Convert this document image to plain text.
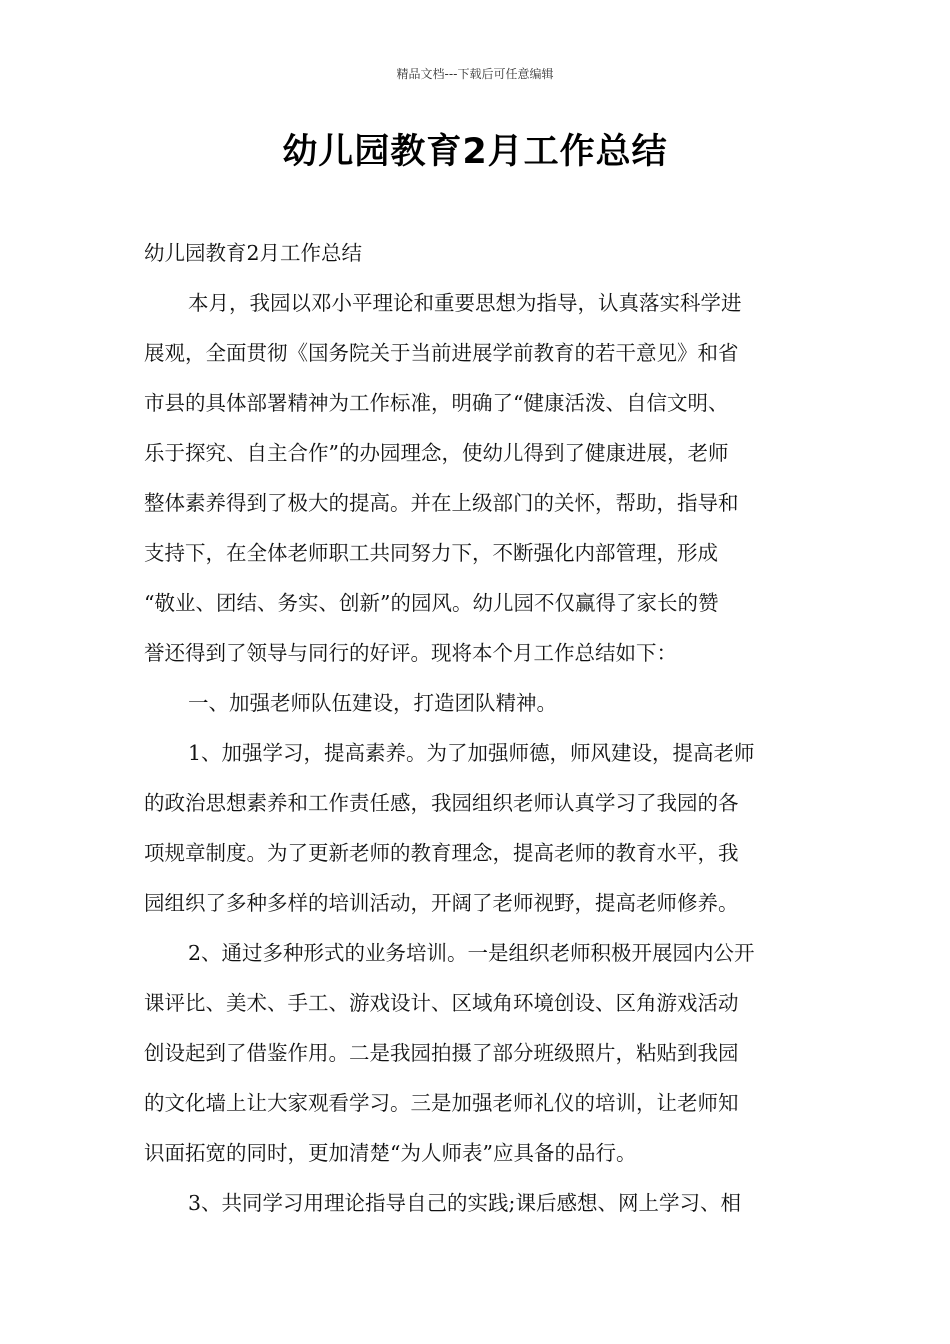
精品文档---下载后可任意编辑
幼儿园教育2月工作总结
幼儿园教育2月工作总结
本月，我园以邓小平理论和重要思想为指导，认真落实科学进
展观，全面贯彻《国务院关于当前进展学前教育的若干意见》和省
市县的具体部署精神为工作标准，明确了“健康活泼、自信文明、
乐于探究、自主合作”的办园理念，使幼儿得到了健康进展，老师
整体素养得到了极大的提高。并在上级部门的关怀，帮助，指导和
支持下，在全体老师职工共同努力下，不断强化内部管理，形成
“敬业、团结、务实、创新”的园风。幼儿园不仅赢得了家长的赞
誉还得到了领导与同行的好评。现将本个月工作总结如下：
一、加强老师队伍建设，打造团队精神。
1、加强学习，提高素养。为了加强师德，师风建设，提高老师
的政治思想素养和工作责任感，我园组织老师认真学习了我园的各
项规章制度。为了更新老师的教育理念，提高老师的教育水平，我
园组织了多种多样的培训活动，开阔了老师视野，提高老师修养。
2、通过多种形式的业务培训。一是组织老师积极开展园内公开
课评比、美术、手工、游戏设计、区域角环境创设、区角游戏活动
创设起到了借鉴作用。二是我园拍摄了部分班级照片，粘贴到我园
的文化墙上让大家观看学习。三是加强老师礼仪的培训，让老师知
识面拓宽的同时，更加清楚“为人师表”应具备的品行。
3、共同学习用理论指导自己的实践;课后感想、网上学习、相
